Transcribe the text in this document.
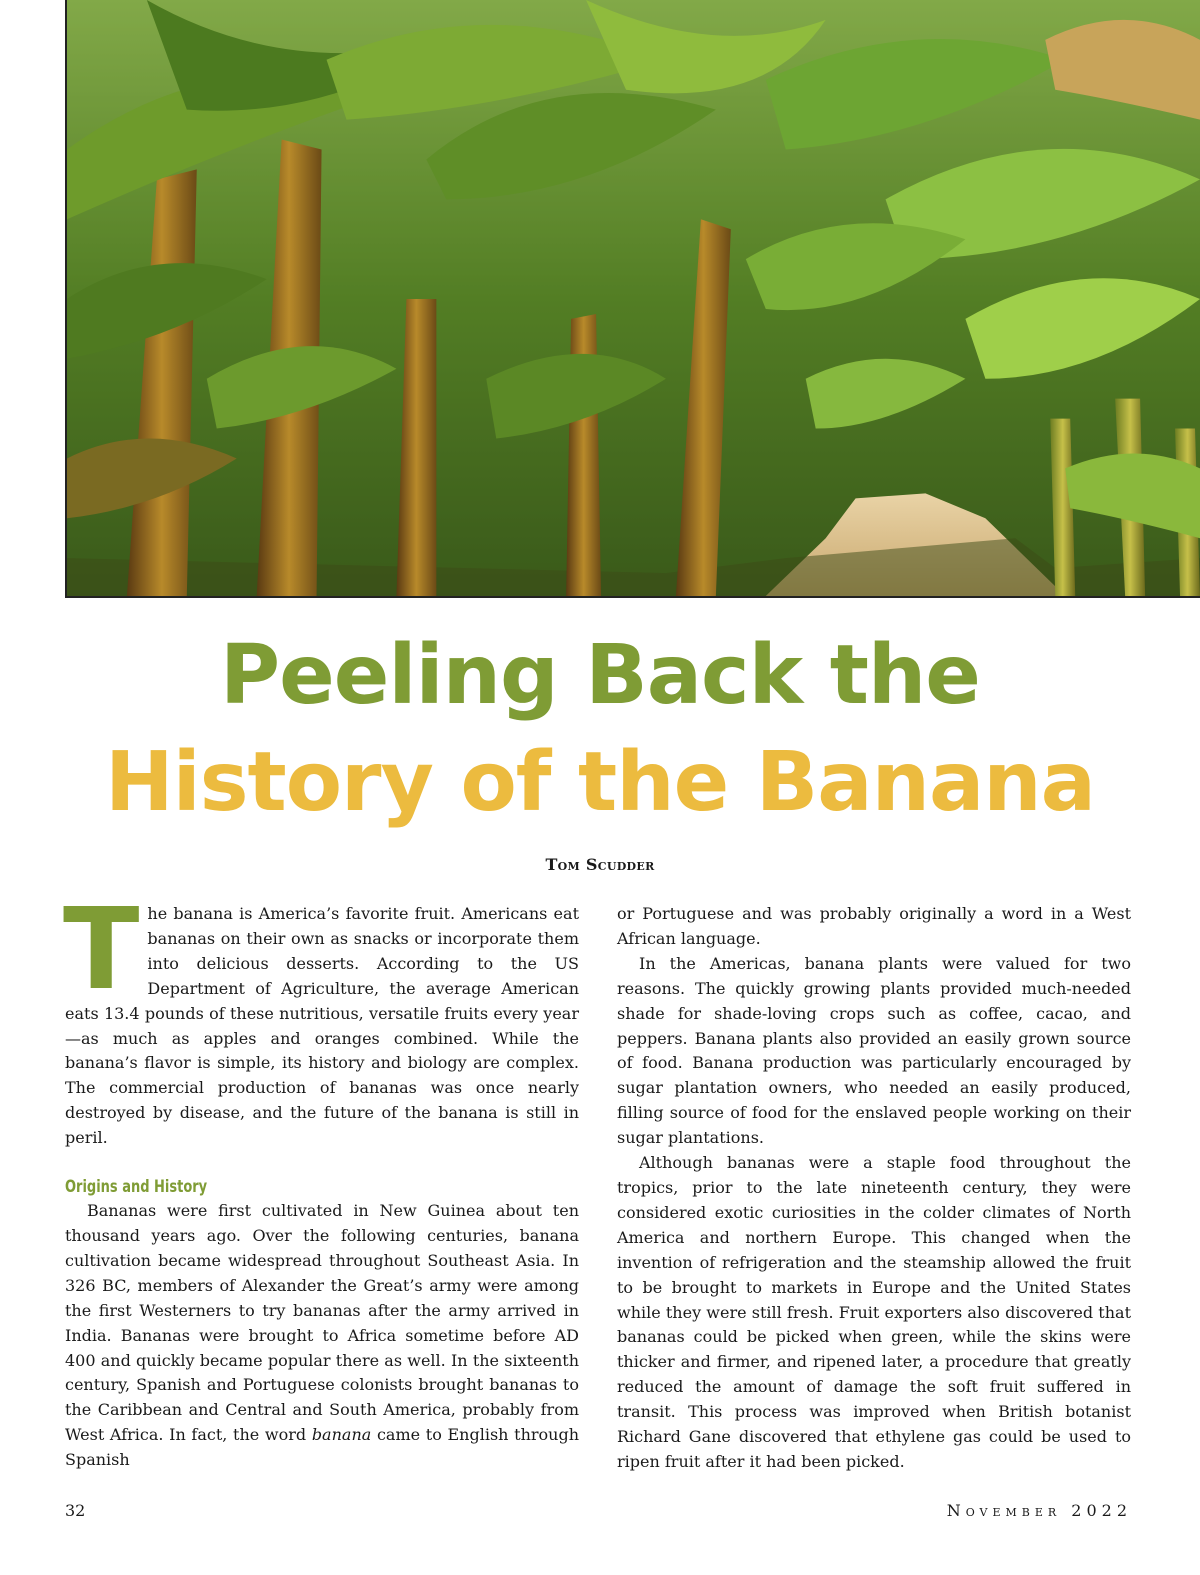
Peeling Back the
History of the Banana
Tom Scudder

The banana is America’s favorite fruit. Americans eat bananas on their own as snacks or incorporate them into delicious desserts. According to the US Department of Agriculture, the average American eats 13.4 pounds of these nutritious, versatile fruits every year—as much as apples and oranges combined. While the banana’s flavor is simple, its history and biology are complex. The commercial production of bananas was once nearly destroyed by disease, and the future of the banana is still in peril.

Origins and History

Bananas were first cultivated in New Guinea about ten thousand years ago. Over the following centuries, banana cultivation became widespread throughout Southeast Asia. In 326 BC, members of Alexander the Great’s army were among the first Westerners to try bananas after the army arrived in India. Bananas were brought to Africa sometime before AD 400 and quickly became popular there as well. In the sixteenth century, Spanish and Portuguese colonists brought bananas to the Caribbean and Central and South America, probably from West Africa. In fact, the word banana came to English through Spanish

or Portuguese and was probably originally a word in a West African language.

In the Americas, banana plants were valued for two reasons. The quickly growing plants provided much-needed shade for shade-loving crops such as coffee, cacao, and peppers. Banana plants also provided an easily grown source of food. Banana production was particularly encouraged by sugar plantation owners, who needed an easily produced, filling source of food for the enslaved people working on their sugar plantations.

Although bananas were a staple food throughout the tropics, prior to the late nineteenth century, they were considered exotic curiosities in the colder climates of North America and northern Europe. This changed when the invention of refrigeration and the steamship allowed the fruit to be brought to markets in Europe and the United States while they were still fresh. Fruit exporters also discovered that bananas could be picked when green, while the skins were thicker and firmer, and ripened later, a procedure that greatly reduced the amount of damage the soft fruit suffered in transit. This process was improved when British botanist Richard Gane discovered that ethylene gas could be used to ripen fruit after it had been picked.

32	November 2022
